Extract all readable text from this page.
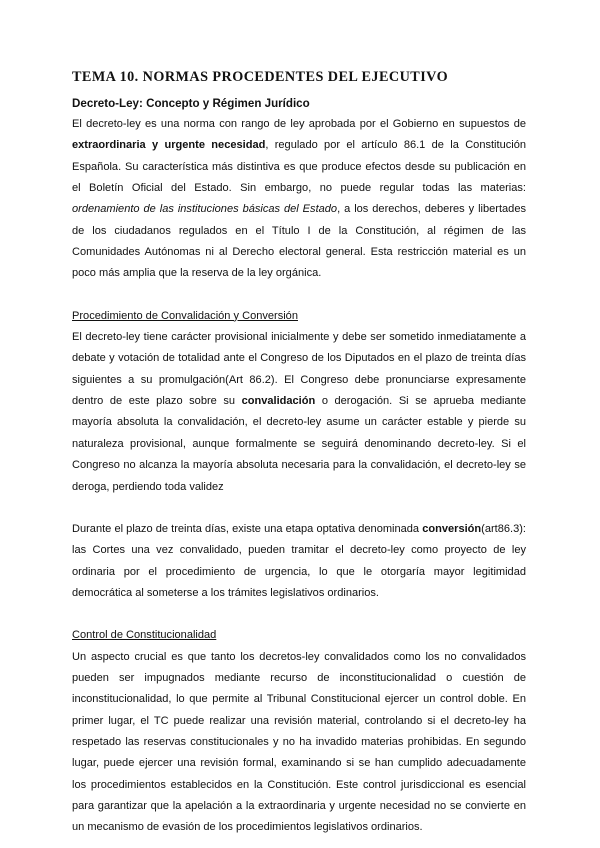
TEMA 10. NORMAS PROCEDENTES DEL EJECUTIVO
Decreto-Ley: Concepto y Régimen Jurídico

El decreto-ley es una norma con rango de ley aprobada por el Gobierno en supuestos de extraordinaria y urgente necesidad, regulado por el artículo 86.1 de la Constitución Española. Su característica más distintiva es que produce efectos desde su publicación en el Boletín Oficial del Estado. Sin embargo, no puede regular todas las materias: ordenamiento de las instituciones básicas del Estado, a los derechos, deberes y libertades de los ciudadanos regulados en el Título I de la Constitución, al régimen de las Comunidades Autónomas ni al Derecho electoral general. Esta restricción material es un poco más amplia que la reserva de la ley orgánica.

Procedimiento de Convalidación y Conversión

El decreto-ley tiene carácter provisional inicialmente y debe ser sometido inmediatamente a debate y votación de totalidad ante el Congreso de los Diputados en el plazo de treinta días siguientes a su promulgación(Art 86.2). El Congreso debe pronunciarse expresamente dentro de este plazo sobre su convalidación o derogación. Si se aprueba mediante mayoría absoluta la convalidación, el decreto-ley asume un carácter estable y pierde su naturaleza provisional, aunque formalmente se seguirá denominando decreto-ley. Si el Congreso no alcanza la mayoría absoluta necesaria para la convalidación, el decreto-ley se deroga, perdiendo toda validez

Durante el plazo de treinta días, existe una etapa optativa denominada conversión(art86.3): las Cortes una vez convalidado, pueden tramitar el decreto-ley como proyecto de ley ordinaria por el procedimiento de urgencia, lo que le otorgaría mayor legitimidad democrática al someterse a los trámites legislativos ordinarios.

Control de Constitucionalidad

Un aspecto crucial es que tanto los decretos-ley convalidados como los no convalidados pueden ser impugnados mediante recurso de inconstitucionalidad o cuestión de inconstitucionalidad, lo que permite al Tribunal Constitucional ejercer un control doble. En primer lugar, el TC puede realizar una revisión material, controlando si el decreto-ley ha respetado las reservas constitucionales y no ha invadido materias prohibidas. En segundo lugar, puede ejercer una revisión formal, examinando si se han cumplido adecuadamente los procedimientos establecidos en la Constitución. Este control jurisdiccional es esencial para garantizar que la apelación a la extraordinaria y urgente necesidad no se convierte en un mecanismo de evasión de los procedimientos legislativos ordinarios.
